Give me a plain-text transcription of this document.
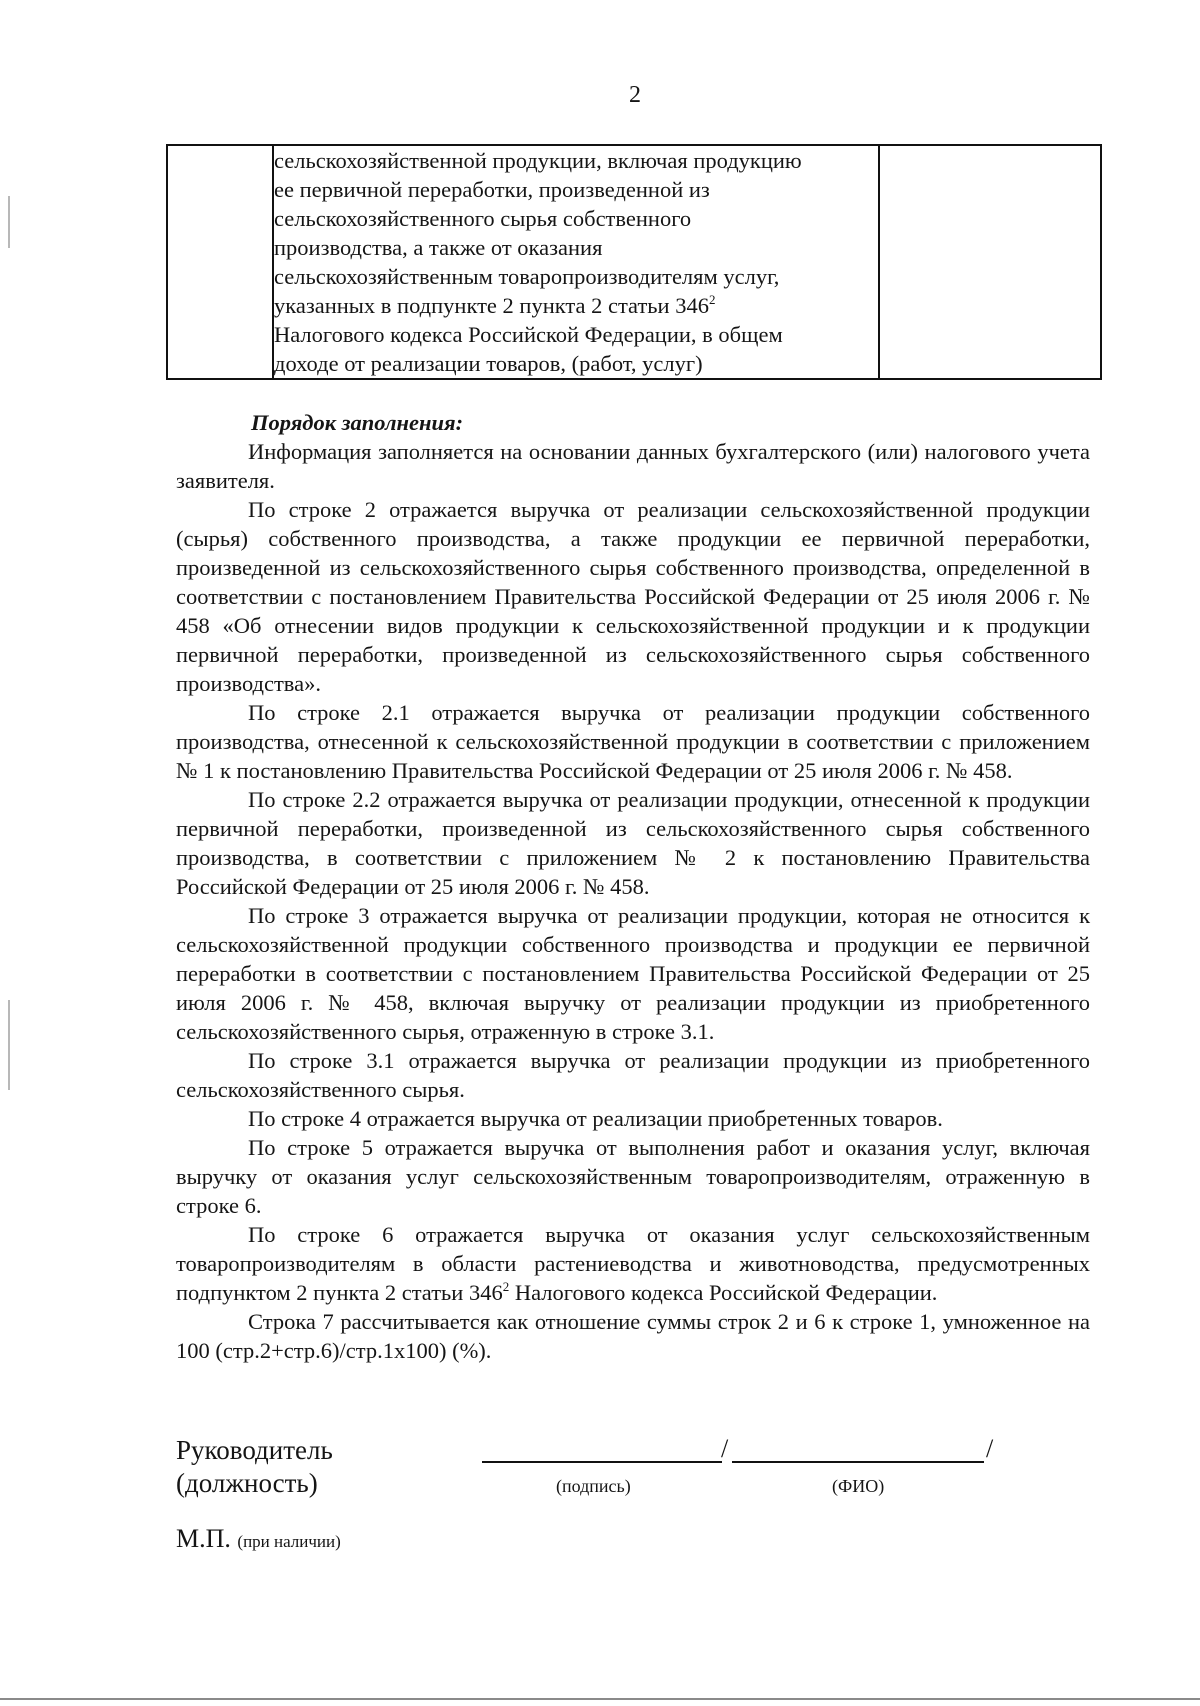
2

сельскохозяйственной продукции, включая продукцию
ее первичной переработки, произведенной из
сельскохозяйственного сырья собственного
производства, а также от оказания
сельскохозяйственным товаропроизводителям услуг,
указанных в подпункте 2 пункта 2 статьи $346^2$
Налогового кодекса Российской Федерации, в общем
доходе от реализации товаров, (работ, услуг)

Порядок заполнения:

Информация заполняется на основании данных бухгалтерского (или) налогового учета заявителя.

По строке 2 отражается выручка от реализации сельскохозяйственной продукции (сырья) собственного производства, а также продукции ее первичной переработки, произведенной из сельскохозяйственного сырья собственного производства, определенной в соответствии с постановлением Правительства Российской Федерации от 25 июля 2006 г. № 458 «Об отнесении видов продукции к сельскохозяйственной продукции и к продукции первичной переработки, произведенной из сельскохозяйственного сырья собственного производства».

По строке 2.1 отражается выручка от реализации продукции собственного производства, отнесенной к сельскохозяйственной продукции в соответствии с приложением № 1 к постановлению Правительства Российской Федерации от 25 июля 2006 г. № 458.

По строке 2.2 отражается выручка от реализации продукции, отнесенной к продукции первичной переработки, произведенной из сельскохозяйственного сырья собственного производства, в соответствии с приложением № 2 к постановлению Правительства Российской Федерации от 25 июля 2006 г. № 458.

По строке 3 отражается выручка от реализации продукции, которая не относится к сельскохозяйственной продукции собственного производства и продукции ее первичной переработки в соответствии с постановлением Правительства Российской Федерации от 25 июля 2006 г. № 458, включая выручку от реализации продукции из приобретенного сельскохозяйственного сырья, отраженную в строке 3.1.

По строке 3.1 отражается выручка от реализации продукции из приобретенного сельскохозяйственного сырья.

По строке 4 отражается выручка от реализации приобретенных товаров.

По строке 5 отражается выручка от выполнения работ и оказания услуг, включая выручку от оказания услуг сельскохозяйственным товаропроизводителям, отраженную в строке 6.

По строке 6 отражается выручка от оказания услуг сельскохозяйственным товаропроизводителям в области растениеводства и животноводства, предусмотренных подпунктом 2 пункта 2 статьи $346^2$ Налогового кодекса Российской Федерации.

Строка 7 рассчитывается как отношение суммы строк 2 и 6 к строке 1, умноженное на 100 (стр.2+стр.6)/стр.1х100) (%).

Руководитель
(должность)
/	/
(подпись)	(ФИО)
М.П. (при наличии)
